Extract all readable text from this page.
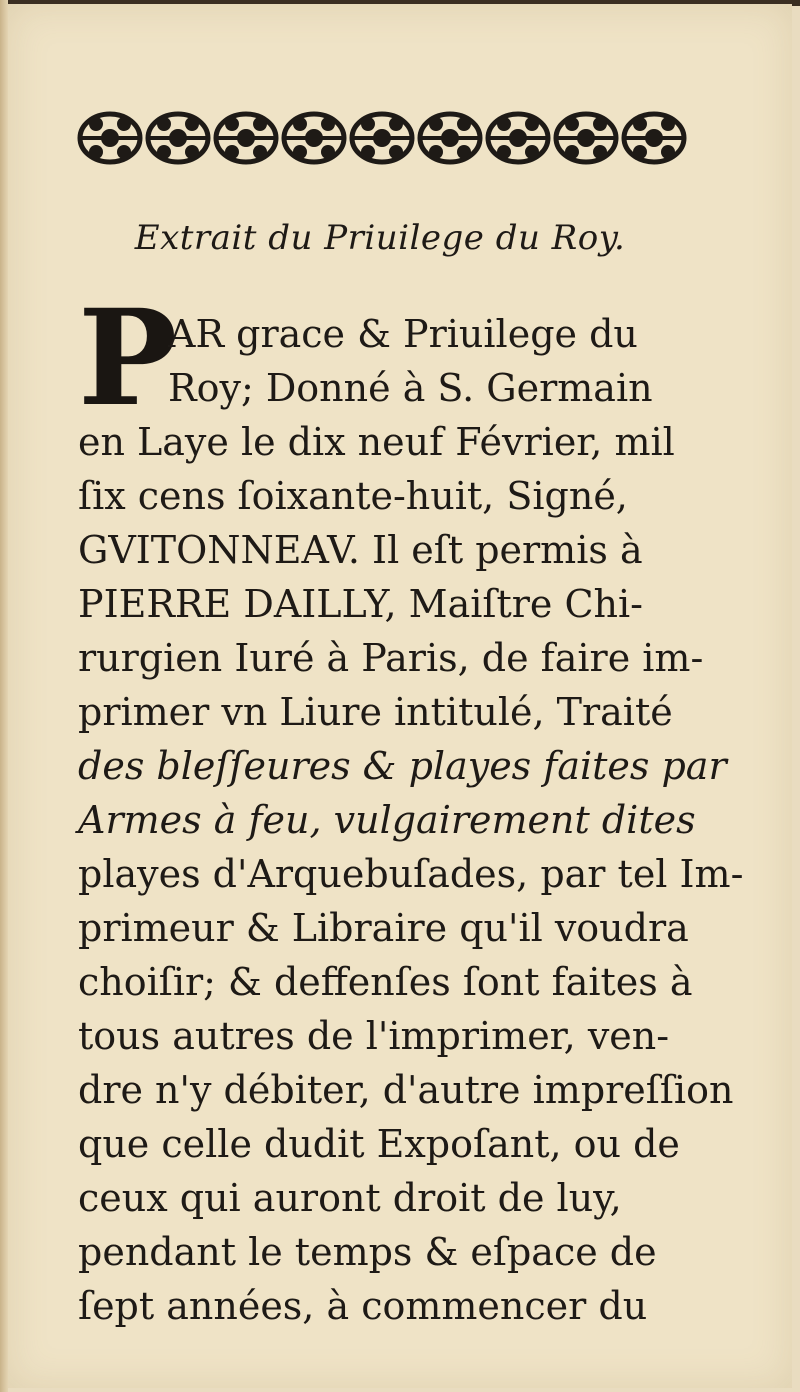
Extrait du Priuilege du Roy.
P
AR grace & Priuilege du
Roy; Donné à S. Germain
en Laye le dix neuf Février, mil
ſix cens ſoixante-huit, Signé,
GVITONNEAV. Il eſt permis à
PIERRE DAILLY, Maiſtre Chi-
rurgien Iuré à Paris, de faire im-
primer vn Liure intitulé, Traité
des bleſſeures & playes faites par
Armes à feu, vulgairement dites
playes d'Arquebuſades, par tel Im-
primeur & Libraire qu'il voudra
choiſir; & deffenſes ſont faites à
tous autres de l'imprimer, ven-
dre n'y débiter, d'autre impreſſion
que celle dudit Expoſant, ou de
ceux qui auront droit de luy,
pendant le temps & eſpace de
ſept années, à commencer du
